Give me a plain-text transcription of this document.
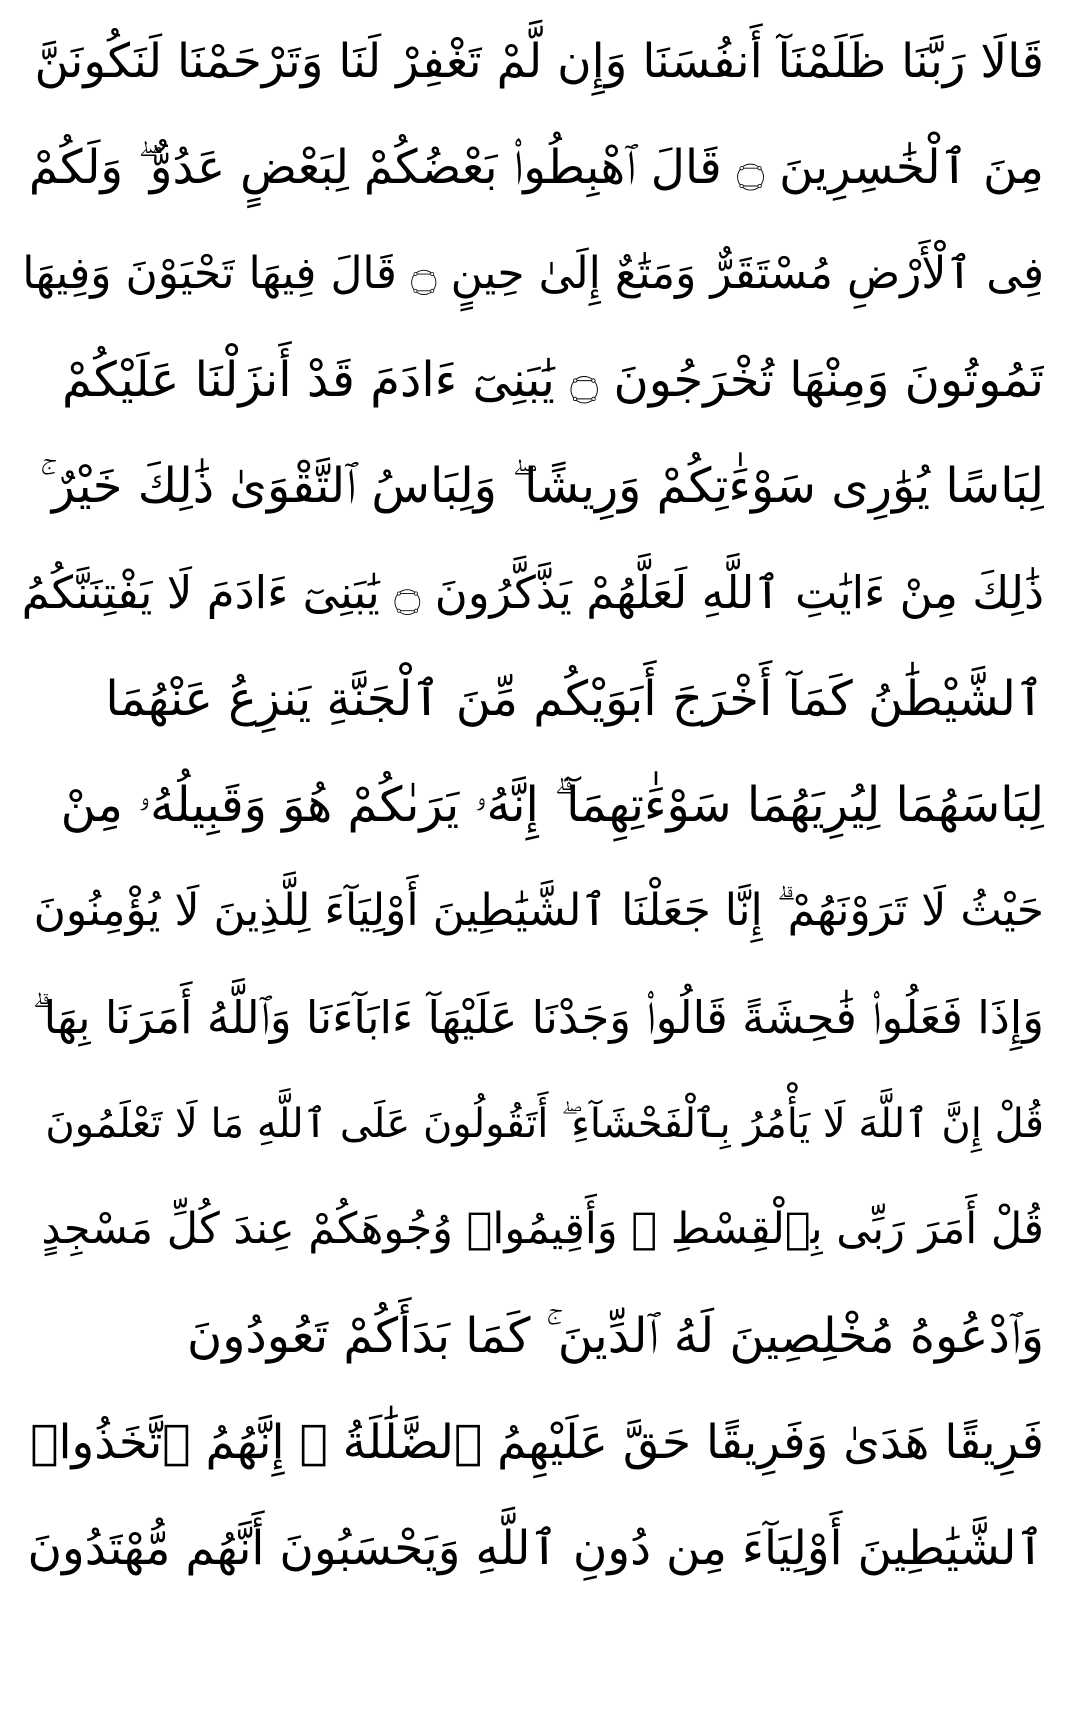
قَالَا رَبَّنَا ظَلَمْنَآ أَنفُسَنَا وَإِن لَّمْ تَغْفِرْ لَنَا وَتَرْحَمْنَا لَنَكُونَنَّ
مِنَ ٱلْخَٰسِرِينَ ۝ قَالَ ٱهْبِطُوا۟ بَعْضُكُمْ لِبَعْضٍ عَدُوٌّ ۖ وَلَكُمْ
فِى ٱلْأَرْضِ مُسْتَقَرٌّ وَمَتَٰعٌ إِلَىٰ حِينٍ ۝ قَالَ فِيهَا تَحْيَوْنَ وَفِيهَا
تَمُوتُونَ وَمِنْهَا تُخْرَجُونَ ۝ يَٰبَنِىٓ ءَادَمَ قَدْ أَنزَلْنَا عَلَيْكُمْ
لِبَاسًا يُوَٰرِى سَوْءَٰتِكُمْ وَرِيشًا ۖ وَلِبَاسُ ٱلتَّقْوَىٰ ذَٰلِكَ خَيْرٌ ۚ
ذَٰلِكَ مِنْ ءَايَٰتِ ٱللَّهِ لَعَلَّهُمْ يَذَّكَّرُونَ ۝ يَٰبَنِىٓ ءَادَمَ لَا يَفْتِنَنَّكُمُ
ٱلشَّيْطَٰنُ كَمَآ أَخْرَجَ أَبَوَيْكُم مِّنَ ٱلْجَنَّةِ يَنزِعُ عَنْهُمَا
لِبَاسَهُمَا لِيُرِيَهُمَا سَوْءَٰتِهِمَآ ۗ إِنَّهُۥ يَرَىٰكُمْ هُوَ وَقَبِيلُهُۥ مِنْ
حَيْثُ لَا تَرَوْنَهُمْ ۗ إِنَّا جَعَلْنَا ٱلشَّيَٰطِينَ أَوْلِيَآءَ لِلَّذِينَ لَا يُؤْمِنُونَ
وَإِذَا فَعَلُوا۟ فَٰحِشَةً قَالُوا۟ وَجَدْنَا عَلَيْهَآ ءَابَآءَنَا وَٱللَّهُ أَمَرَنَا بِهَا ۗ
قُلْ إِنَّ ٱللَّهَ لَا يَأْمُرُ بِٱلْفَحْشَآءِ ۖ أَتَقُولُونَ عَلَى ٱللَّهِ مَا لَا تَعْلَمُونَ
قُلْ أَمَرَ رَبِّى بِٱلْقِسْطِ ۖ وَأَقِيمُوا۟ وُجُوهَكُمْ عِندَ كُلِّ مَسْجِدٍ
وَٱدْعُوهُ مُخْلِصِينَ لَهُ ٱلدِّينَ ۚ كَمَا بَدَأَكُمْ تَعُودُونَ
فَرِيقًا هَدَىٰ وَفَرِيقًا حَقَّ عَلَيْهِمُ ٱلضَّلَٰلَةُ ۗ إِنَّهُمُ ٱتَّخَذُوا۟
ٱلشَّيَٰطِينَ أَوْلِيَآءَ مِن دُونِ ٱللَّهِ وَيَحْسَبُونَ أَنَّهُم مُّهْتَدُونَ
